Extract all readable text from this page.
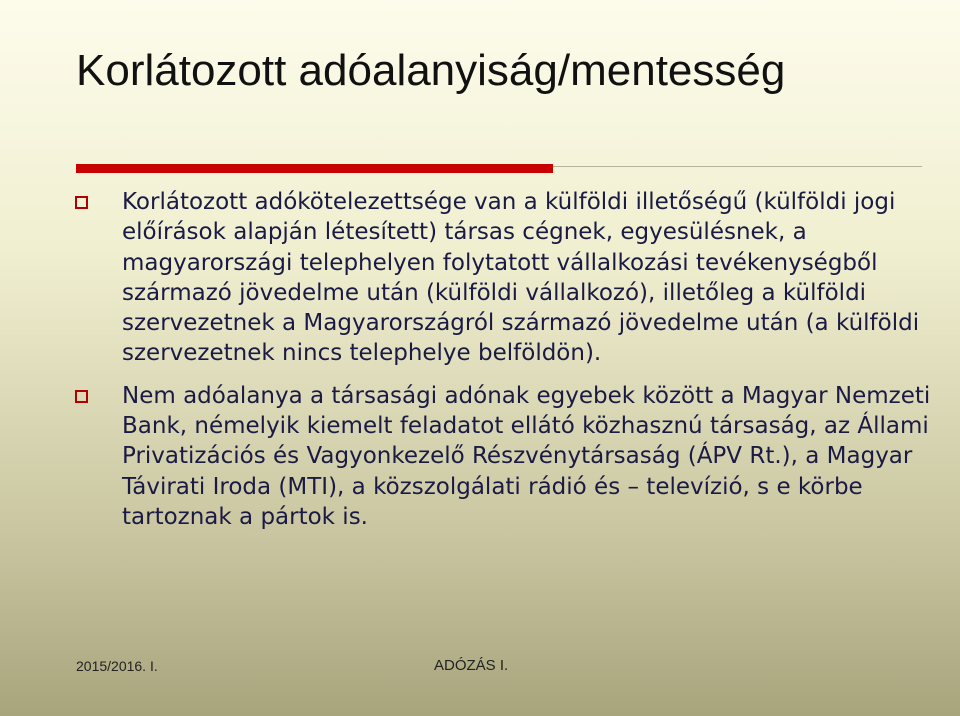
Korlátozott adóalanyiság/mentesség

Korlátozott adókötelezettsége van a külföldi illetőségű (külföldi jogi előírások alapján létesített) társas cégnek, egyesülésnek, a magyarországi telephelyen folytatott vállalkozási tevékenységből származó jövedelme után (külföldi vállalkozó), illetőleg a külföldi szervezetnek a Magyarországról származó jövedelme után (a külföldi szervezetnek nincs telephelye belföldön).

Nem adóalanya a társasági adónak egyebek között a Magyar Nemzeti Bank, némelyik kiemelt feladatot ellátó közhasznú társaság, az Állami Privatizációs és Vagyonkezelő Részvénytársaság (ÁPV Rt.), a Magyar Távirati Iroda (MTI), a közszolgálati rádió és – televízió, s e körbe tartoznak a pártok is.

2015/2016. I.	ADÓZÁS I.
